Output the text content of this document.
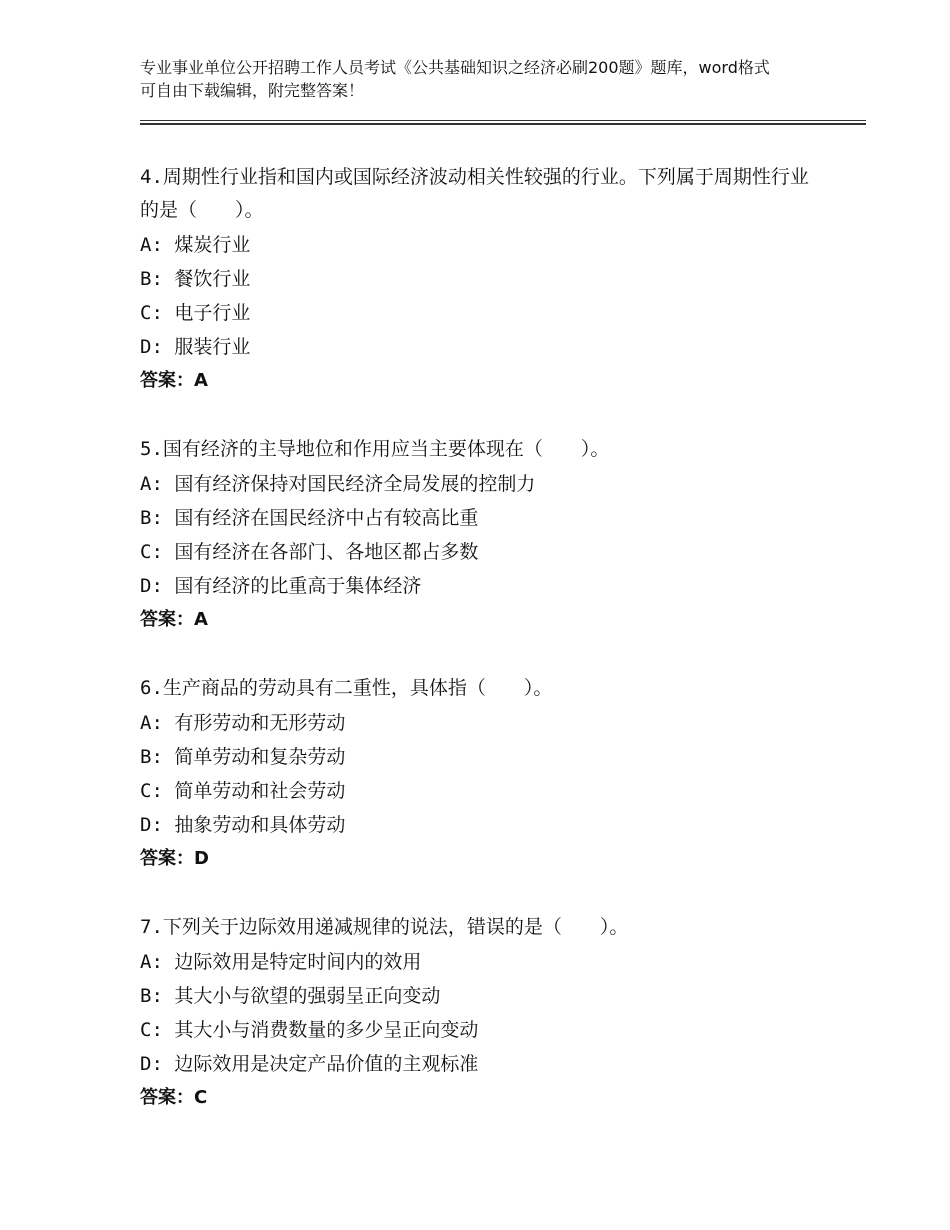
专业事业单位公开招聘工作人员考试《公共基础知识之经济必刷200题》题库，word格式可自由下载编辑，附完整答案！
4.周期性行业指和国内或国际经济波动相关性较强的行业。下列属于周期性行业的是（　　）。
A: 煤炭行业
B: 餐饮行业
C: 电子行业
D: 服装行业
答案：A
5.国有经济的主导地位和作用应当主要体现在（　　）。
A: 国有经济保持对国民经济全局发展的控制力
B: 国有经济在国民经济中占有较高比重
C: 国有经济在各部门、各地区都占多数
D: 国有经济的比重高于集体经济
答案：A
6.生产商品的劳动具有二重性，具体指（　　）。
A: 有形劳动和无形劳动
B: 简单劳动和复杂劳动
C: 简单劳动和社会劳动
D: 抽象劳动和具体劳动
答案：D
7.下列关于边际效用递减规律的说法，错误的是（　　）。
A: 边际效用是特定时间内的效用
B: 其大小与欲望的强弱呈正向变动
C: 其大小与消费数量的多少呈正向变动
D: 边际效用是决定产品价值的主观标准
答案：C
